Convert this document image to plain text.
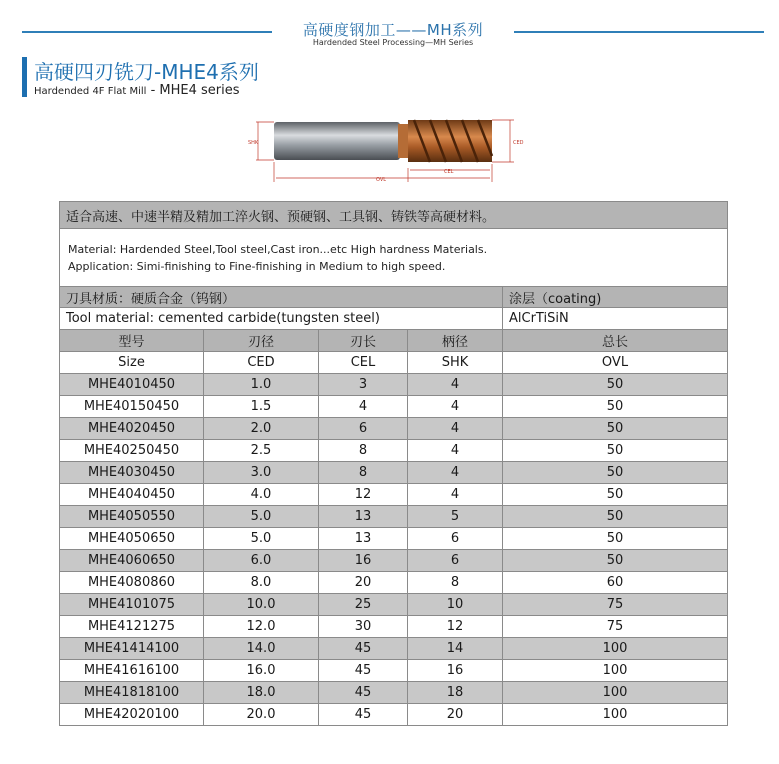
高硬度钢加工——MH系列
Hardended Steel Processing—MH Series
高硬四刃铣刀-MHE4系列
Hardended 4F Flat Mill - MHE4 series
SHK	CED
CEL
OVL
适合高速、中速半精及精加工淬火钢、预硬钢、工具钢、铸铁等高硬材料。				

Material: Hardended Steel,Tool steel,Cast iron...etc High hardness Materials.
Application: Simi-finishing to Fine-finishing in Medium to high speed.				

刀具材质：硬质合金（钨钢）				涂层（coating)
Tool material: cemented carbide(tungsten steel)				AlCrTiSiN
型号	刃径	刃长	柄径	总长
Size	CED	CEL	SHK	OVL
MHE4010450	1.0	3	4	50
MHE40150450	1.5	4	4	50
MHE4020450	2.0	6	4	50
MHE40250450	2.5	8	4	50
MHE4030450	3.0	8	4	50
MHE4040450	4.0	12	4	50
MHE4050550	5.0	13	5	50
MHE4050650	5.0	13	6	50
MHE4060650	6.0	16	6	50
MHE4080860	8.0	20	8	60
MHE4101075	10.0	25	10	75
MHE4121275	12.0	30	12	75
MHE41414100	14.0	45	14	100
MHE41616100	16.0	45	16	100
MHE41818100	18.0	45	18	100
MHE42020100	20.0	45	20	100
